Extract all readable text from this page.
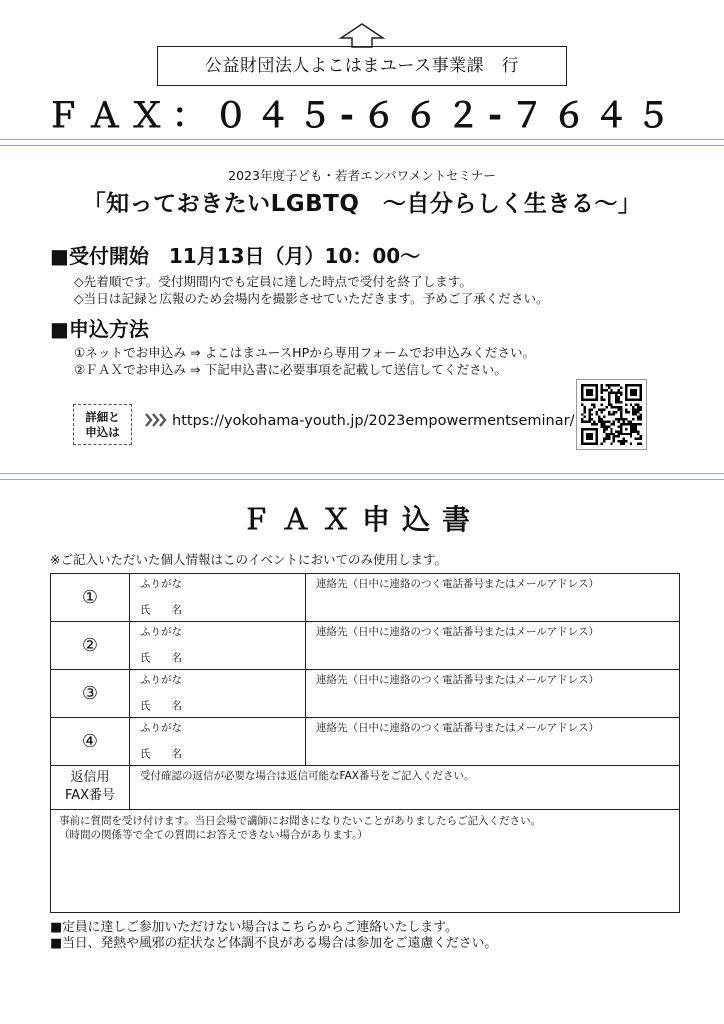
公益財団法人よこはまユース事業課　行
ＦＡＸ：０４５-６６２-７６４５
2023年度子ども・若者エンパワメントセミナー
「知っておきたいLGBTQ　～自分らしく生きる～」
■受付開始　11月13日（月）10：00～
◇先着順です。受付期間内でも定員に達した時点で受付を終了します。
◇当日は記録と広報のため会場内を撮影させていただきます。予めご了承ください。
■申込方法
①ネットでお申込み ⇒ よこはまユースHPから専用フォームでお申込みください。
②ＦＡＸでお申込み ⇒ 下記申込書に必要事項を記載して送信してください。
詳細と
申込は
https://yokohama-youth.jp/2023empowermentseminar/
ＦＡＸ申込書
※ご記入いただいた個人情報はこのイベントにおいてのみ使用します。
①
ふりがな
氏　　名
連絡先（日中に連絡のつく電話番号またはメールアドレス）
②
ふりがな
氏　　名
連絡先（日中に連絡のつく電話番号またはメールアドレス）
③
ふりがな
氏　　名
連絡先（日中に連絡のつく電話番号またはメールアドレス）
④
ふりがな
氏　　名
連絡先（日中に連絡のつく電話番号またはメールアドレス）
返信用
FAX番号
受付確認の返信が必要な場合は返信可能なFAX番号をご記入ください。
事前に質問を受け付けます。当日会場で講師にお聞きになりたいことがありましたらご記入ください。
（時間の関係等で全ての質問にお答えできない場合があります。）
■定員に達しご参加いただけない場合はこちらからご連絡いたします。
■当日、発熱や風邪の症状など体調不良がある場合は参加をご遠慮ください。
